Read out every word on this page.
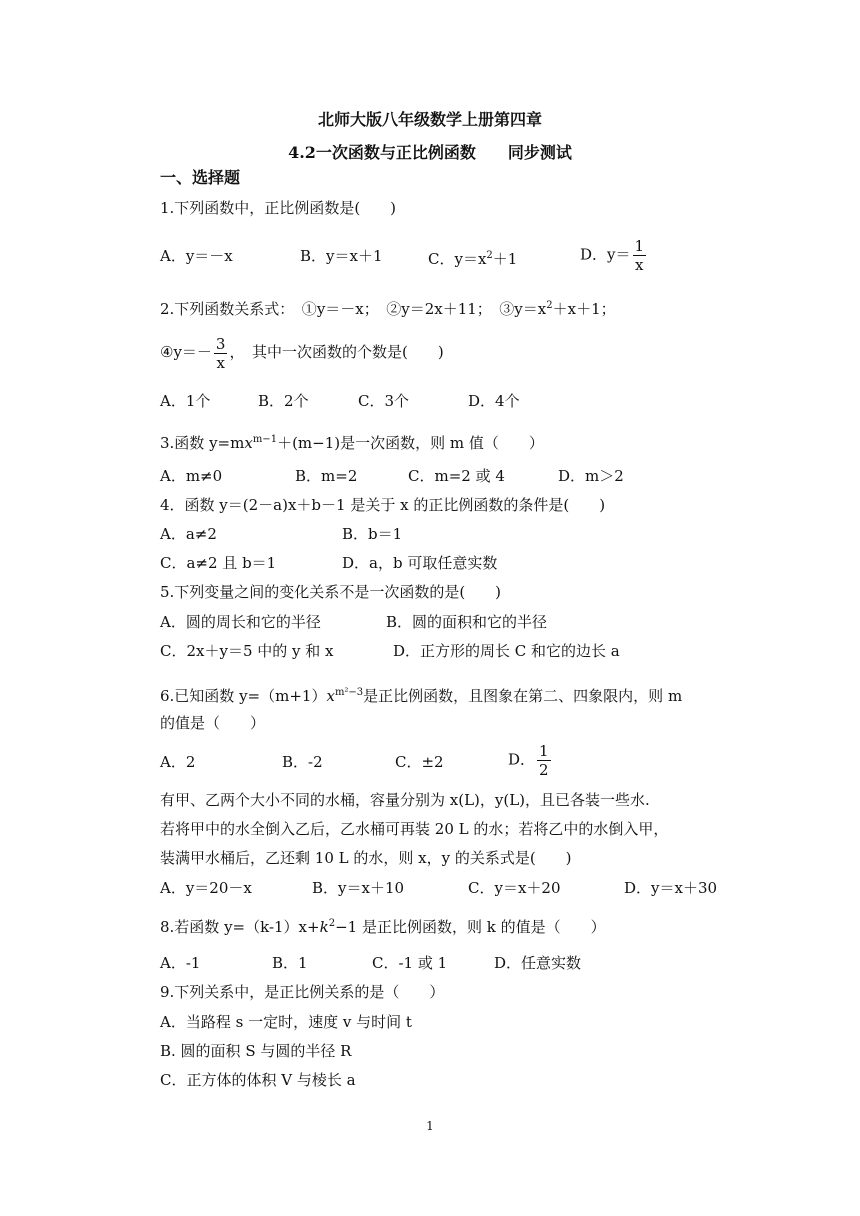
北师大版八年级数学上册第四章
4.2一次函数与正比例函数　　同步测试
一、选择题
1.下列函数中，正比例函数是(　　)
A．y＝－x	B．y＝x＋1	C．$y=x^2+1$	D．$y= \frac{1}{x}$
2.下列函数关系式：　①y＝－x；　②y＝2x＋11；　$③y=x^2+x+1$；
④y＝－ $\frac{3}{x}$ ，　其中一次函数的个数是(　　)
A．1个	B．2个	C．3个	D．4个
3.函数 $y=mx^{m-1}+(m-1)$是一次函数，则 m 值（　　）
A．m≠0	B．m=2	C．m=2 或 4	D．m＞2
4．函数 y＝(2－a)x＋b－1 是关于 x 的正比例函数的条件是(　　)
A．a≠2	B．b＝1
C．a≠2 且 b＝1	D．a，b 可取任意实数
5.下列变量之间的变化关系不是一次函数的是(　　)
A．圆的周长和它的半径	B．圆的面积和它的半径
C．2x＋y＝5 中的 y 和 x	D．正方形的周长 C 和它的边长 a
6.已知函数 $y=(m+1)x^{m^2-3}$是正比例函数，且图象在第二、四象限内，则 m
的值是（　　）
A．2	B．-2	C．±2	D． $\frac{1}{2}$
有甲、乙两个大小不同的水桶，容量分别为 x(L)，y(L)，且已各装一些水.
若将甲中的水全倒入乙后，乙水桶可再装 20 L 的水；若将乙中的水倒入甲，
装满甲水桶后，乙还剩 10 L 的水，则 x，y 的关系式是(　　)
A．y＝20－x	B．y＝x＋10	C．y＝x＋20	D．y＝x＋30
8.若函数 $y=(k-1)x+k^2-1$ 是正比例函数，则 k 的值是（　　）
A．-1	B．1	C．-1 或 1	D．任意实数
9.下列关系中，是正比例关系的是（　　）
A．当路程 s 一定时，速度 v 与时间 t
B. 圆的面积 S 与圆的半径 R
C．正方体的体积 V 与棱长 a
1
